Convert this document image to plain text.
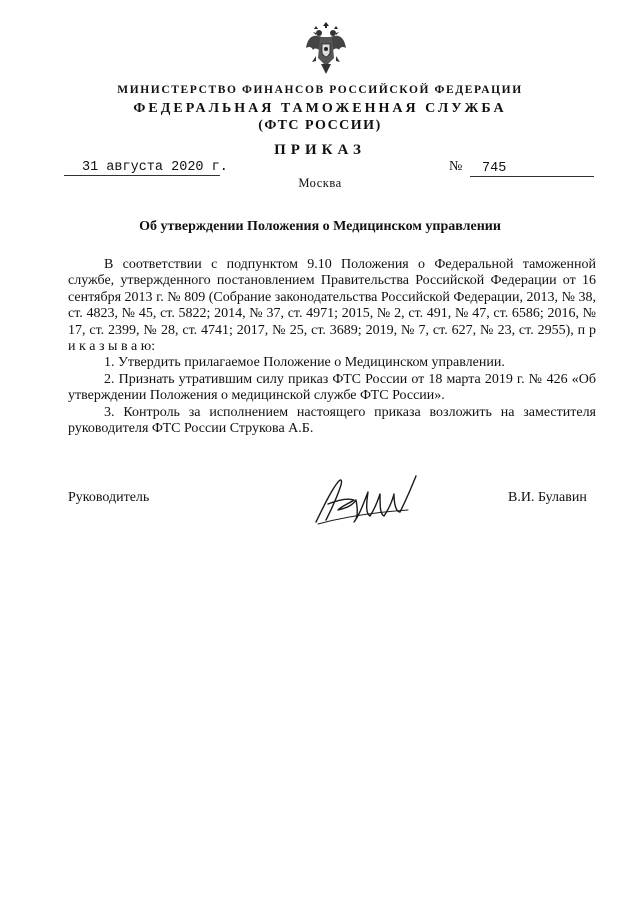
МИНИСТЕРСТВО ФИНАНСОВ РОССИЙСКОЙ ФЕДЕРАЦИИ
ФЕДЕРАЛЬНАЯ ТАМОЖЕННАЯ СЛУЖБА
(ФТС РОССИИ)
ПРИКАЗ
31 августа 2020 г.	№	745
Москва
Об утверждении Положения о Медицинском управлении

В соответствии с подпунктом 9.10 Положения о Федеральной таможенной службе, утвержденного постановлением Правительства Российской Федерации от 16 сентября 2013 г. № 809 (Собрание законодательства Российской Федерации, 2013, № 38, ст. 4823, № 45, ст. 5822; 2014, № 37, ст. 4971; 2015, № 2, ст. 491, № 47, ст. 6586; 2016, № 17, ст. 2399, № 28, ст. 4741; 2017, № 25, ст. 3689; 2019, № 7, ст. 627, № 23, ст. 2955), п р и к а з ы в а ю:

1. Утвердить прилагаемое Положение о Медицинском управлении.

2. Признать утратившим силу приказ ФТС России от 18 марта 2019 г. № 426 «Об утверждении Положения о медицинской службе ФТС России».

3. Контроль за исполнением настоящего приказа возложить на заместителя руководителя ФТС России Струкова А.Б.

Руководитель	В.И. Булавин
